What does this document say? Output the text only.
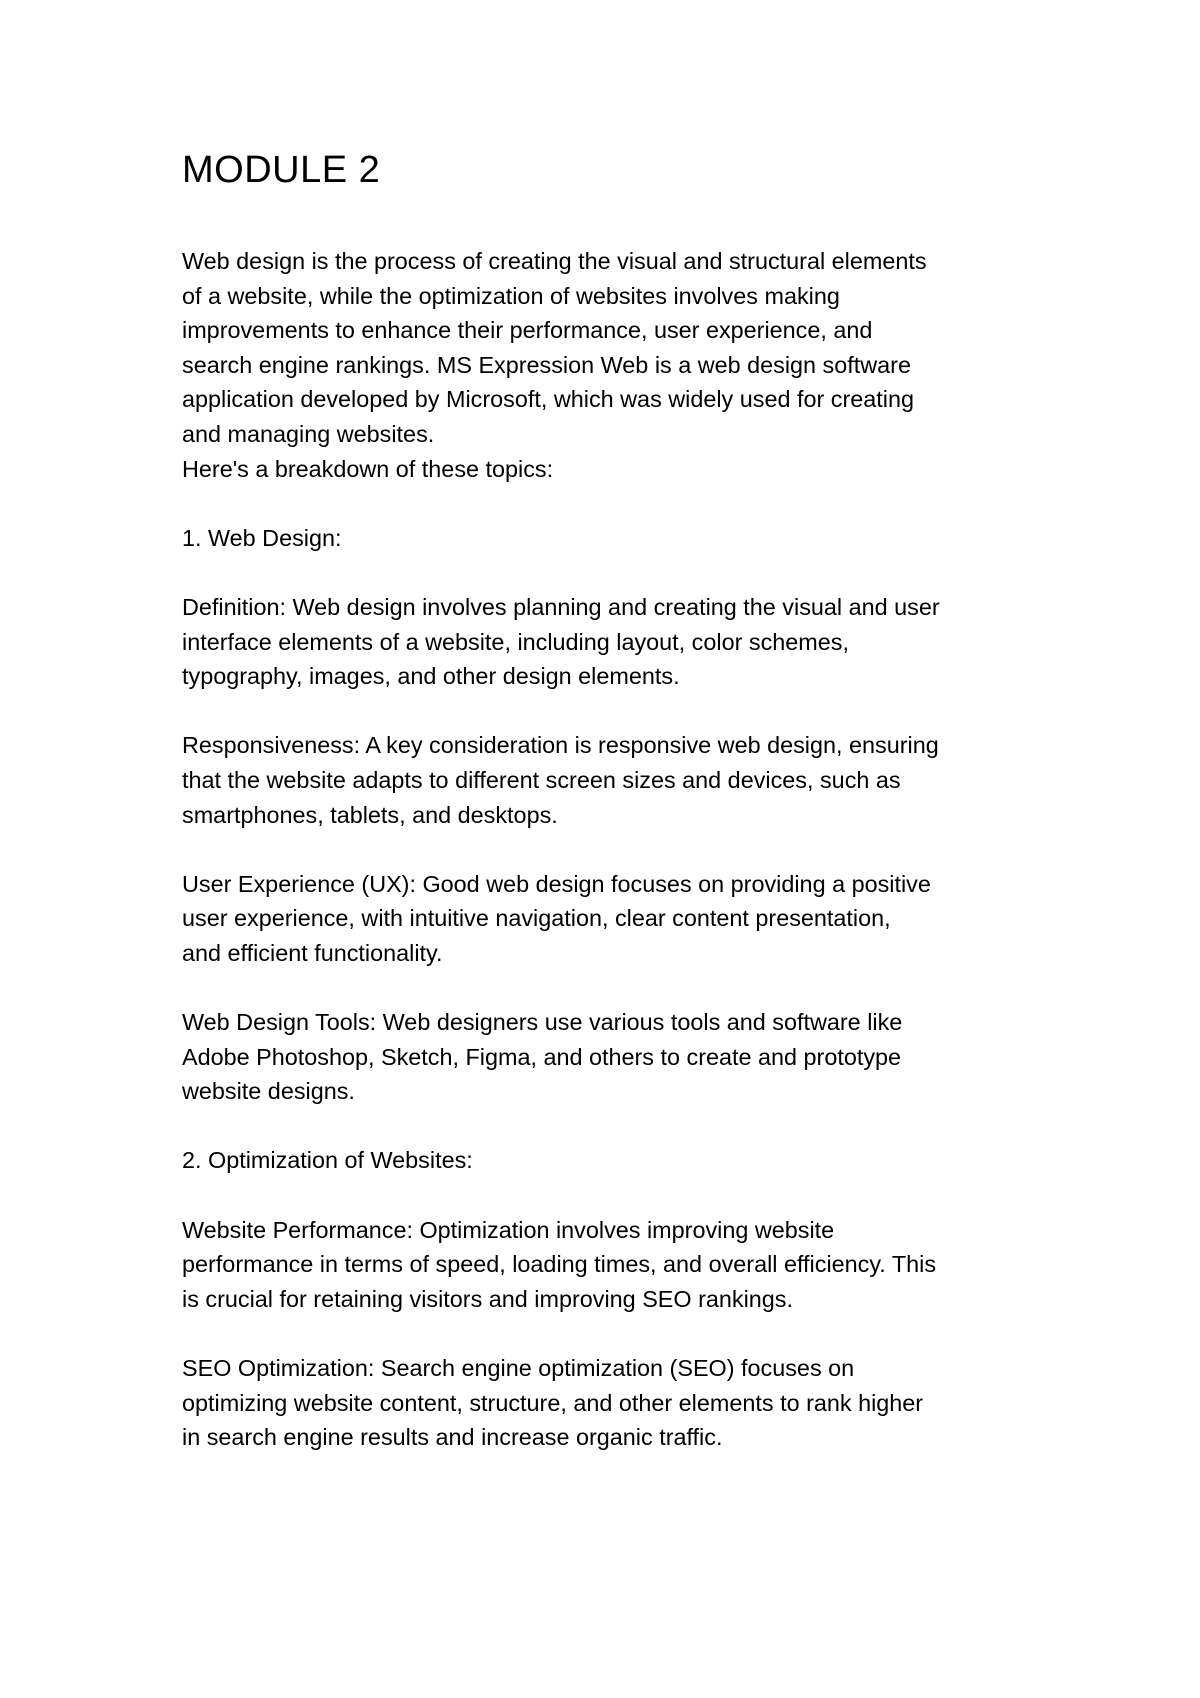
MODULE 2
Web design is the process of creating the visual and structural elements
of a website, while the optimization of websites involves making
improvements to enhance their performance, user experience, and
search engine rankings. MS Expression Web is a web design software
application developed by Microsoft, which was widely used for creating
and managing websites.
Here's a breakdown of these topics:
1. Web Design:
Definition: Web design involves planning and creating the visual and user
interface elements of a website, including layout, color schemes,
typography, images, and other design elements.
Responsiveness: A key consideration is responsive web design, ensuring
that the website adapts to different screen sizes and devices, such as
smartphones, tablets, and desktops.
User Experience (UX): Good web design focuses on providing a positive
user experience, with intuitive navigation, clear content presentation,
and efficient functionality.
Web Design Tools: Web designers use various tools and software like
Adobe Photoshop, Sketch, Figma, and others to create and prototype
website designs.
2. Optimization of Websites:
Website Performance: Optimization involves improving website
performance in terms of speed, loading times, and overall efficiency. This
is crucial for retaining visitors and improving SEO rankings.
SEO Optimization: Search engine optimization (SEO) focuses on
optimizing website content, structure, and other elements to rank higher
in search engine results and increase organic traffic.
